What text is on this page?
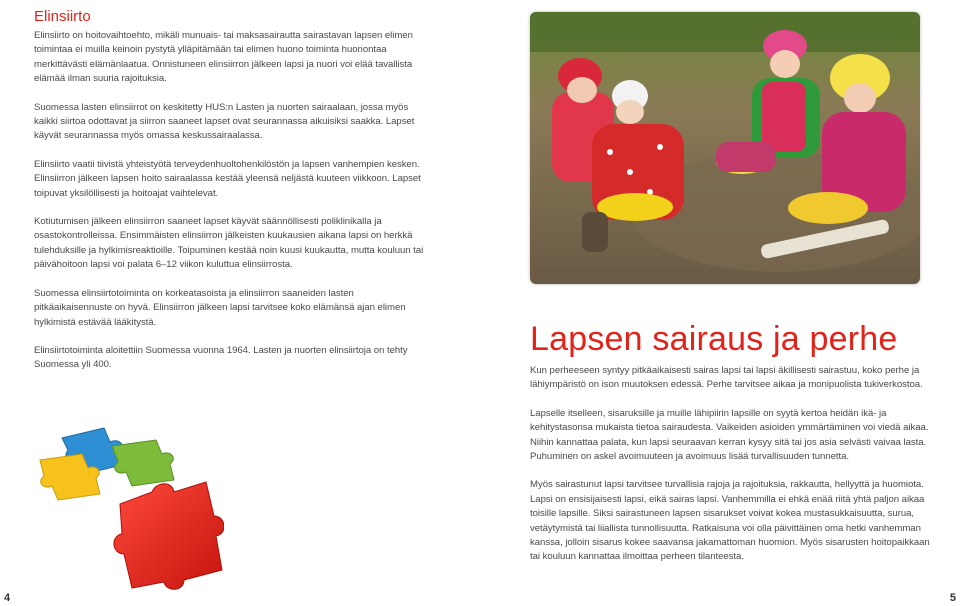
Elinsiirto

Elinsiirto on hoitovaihtoehto, mikäli munuais- tai maksasairautta sairastavan lapsen elimen toimintaa ei muilla keinoin pystytä ylläpitämään tai elimen huono toiminta huonontaa merkittävästi elämänlaatua. Onnistuneen elinsiirron jälkeen lapsi ja nuori voi elää tavallista elämää ilman suuria rajoituksia.

Suomessa lasten elinsiirrot on keskitetty HUS:n Lasten ja nuorten sairaalaan, jossa myös kaikki siirtoa odottavat ja siirron saaneet lapset ovat seurannassa aikuisiksi saakka. Lapset käyvät seurannassa myös omassa keskussairaalassa.

Elinsiirto vaatii tiivistä yhteistyötä terveydenhuoltohenkilöstön ja lapsen vanhempien kesken. Elinsiirron jälkeen lapsen hoito sairaalassa kestää yleensä neljästä kuuteen viikkoon. Lapset toipuvat yksilöllisesti ja hoitoajat vaihtelevat.

Kotiutumisen jälkeen elinsiirron saaneet lapset käyvät säännöllisesti poliklinikalla ja osastokontrolleissa. Ensimmäisten elinsiirron jälkeisten kuukausien aikana lapsi on herkkä tulehduksille ja hylkimisreaktioille. Toipuminen kestää noin kuusi kuukautta, mutta kouluun tai päivähoitoon lapsi voi palata 6–12 viikon kuluttua elinsiirrosta.

Suomessa elinsiirtotoiminta on korkeatasoista ja elinsiirron saaneiden lasten pitkäaikaisennuste on hyvä. Elinsiirron jälkeen lapsi tarvitsee koko elämänsä ajan elimen hylkimistä estävää lääkitystä.

Elinsiirtotoiminta aloitettiin Suomessa vuonna 1964. Lasten ja nuorten elinsiirtoja on tehty Suomessa yli 400.

4	5
Lapsen sairaus ja perhe

Kun perheeseen syntyy pitkäaikaisesti sairas lapsi tai lapsi äkillisesti sairastuu, koko perhe ja lähiympäristö on ison muutoksen edessä. Perhe tarvitsee aikaa ja monipuolista tukiverkostoa.

Lapselle itselleen, sisaruksille ja muille lähipiirin lapsille on syytä kertoa heidän ikä- ja kehitystasonsa mukaista tietoa sairaudesta. Vaikeiden asioiden ymmärtäminen voi viedä aikaa. Niihin kannattaa palata, kun lapsi seuraavan kerran kysyy sitä tai jos asia selvästi vaivaa lasta. Puhuminen on askel avoimuuteen ja avoimuus lisää turvallisuuden tunnetta.

Myös sairastunut lapsi tarvitsee turvallisia rajoja ja rajoituksia, rakkautta, hellyyttä ja huomiota. Lapsi on ensisijaisesti lapsi, eikä sairas lapsi. Vanhemmilla ei ehkä enää riitä yhtä paljon aikaa toisille lapsille. Siksi sairastuneen lapsen sisarukset voivat kokea mustasukkaisuutta, surua, vetäytymistä tai liiallista tunnollisuutta. Ratkaisuna voi olla päivittäinen oma hetki vanhemman kanssa, jolloin sisarus kokee saavansa jakamattoman huomion. Myös sisarusten hoitopaikkaan tai kouluun kannattaa ilmoittaa perheen tilanteesta.
